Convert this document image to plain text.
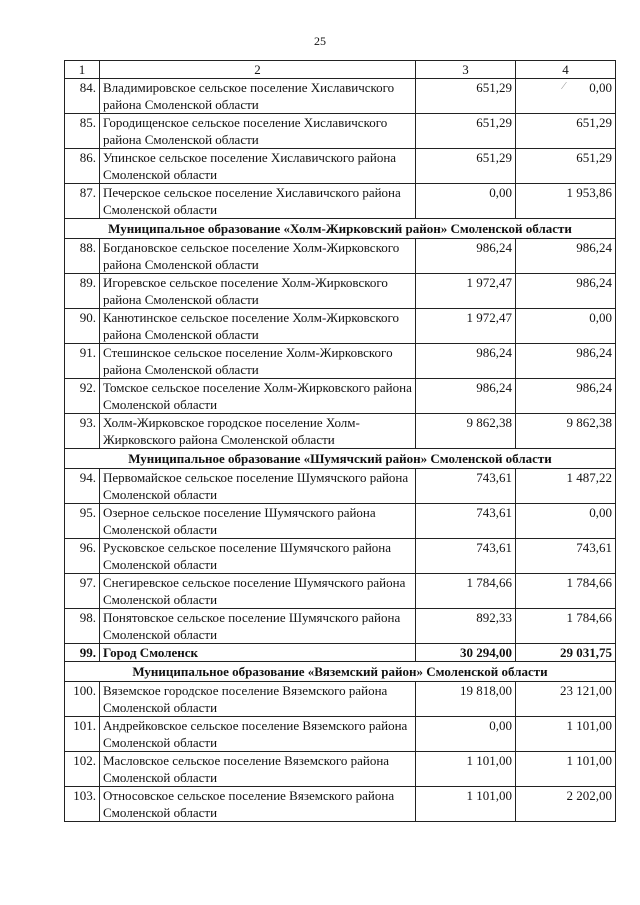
25
1	2	3	4
84.	Владимировское сельское поселение Хиславичского района Смоленской области	651,29	0,00
85.	Городищенское сельское поселение Хиславичского района Смоленской области	651,29	651,29
86.	Упинское сельское поселение Хиславичского района Смоленской области	651,29	651,29
87.	Печерское сельское поселение Хиславичского района Смоленской области	0,00	1 953,86
Муниципальное образование «Холм-Жирковский район» Смоленской области			
88.	Богдановское сельское поселение Холм-Жирковского района Смоленской области	986,24	986,24
89.	Игоревское сельское поселение Холм-Жирковского района Смоленской области	1 972,47	986,24
90.	Канютинское сельское поселение Холм-Жирковского района Смоленской области	1 972,47	0,00
91.	Стешинское сельское поселение Холм-Жирковского района Смоленской области	986,24	986,24
92.	Томское сельское поселение Холм-Жирковского района Смоленской области	986,24	986,24
93.	Холм-Жирковское городское поселение Холм-Жирковского района Смоленской области	9 862,38	9 862,38
Муниципальное образование «Шумячский район» Смоленской области			
94.	Первомайское сельское поселение Шумячского района Смоленской области	743,61	1 487,22
95.	Озерное сельское поселение Шумячского района Смоленской области	743,61	0,00
96.	Русковское сельское поселение Шумячского района Смоленской области	743,61	743,61
97.	Снегиревское сельское поселение Шумячского района Смоленской области	1 784,66	1 784,66
98.	Понятовское сельское поселение Шумячского района Смоленской области	892,33	1 784,66
99.	Город Смоленск	30 294,00	29 031,75
Муниципальное образование «Вяземский район» Смоленской области			
100.	Вяземское городское поселение Вяземского района Смоленской области	19 818,00	23 121,00
101.	Андрейковское сельское поселение Вяземского района Смоленской области	0,00	1 101,00
102.	Масловское сельское поселение Вяземского района Смоленской области	1 101,00	1 101,00
103.	Относовское сельское поселение Вяземского района Смоленской области	1 101,00	2 202,00
⁄
